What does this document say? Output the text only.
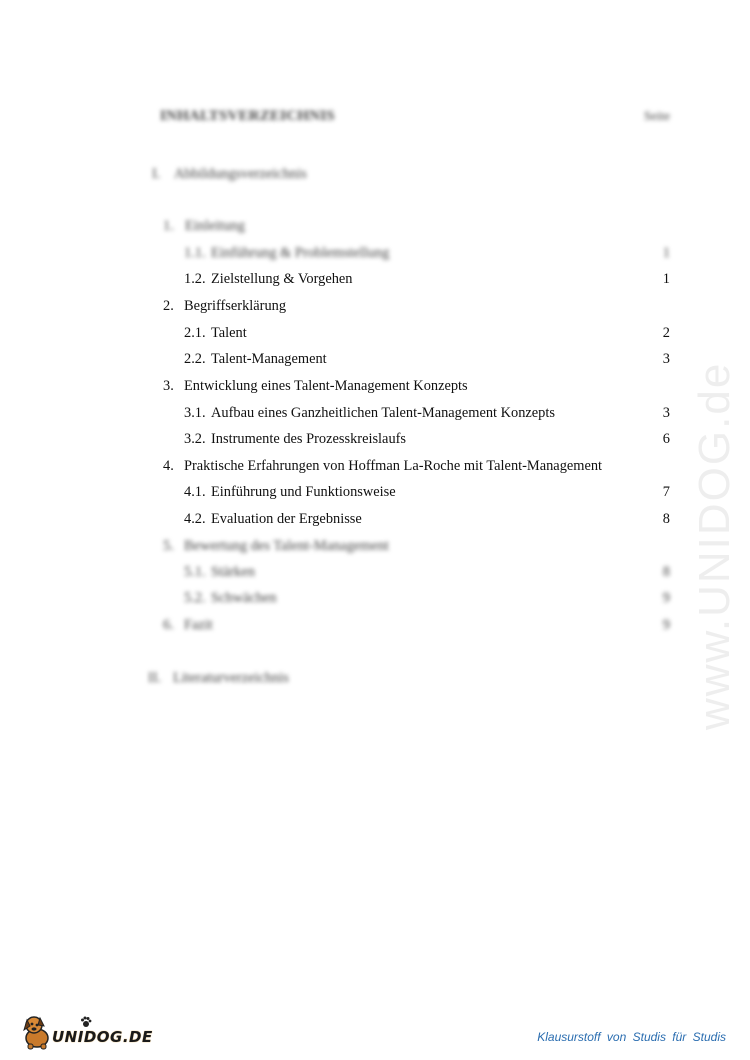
INHALTSVERZEICHNIS	Seite
I. Abbildungsverzeichnis
1. Einleitung
1.1. Einführung & Problemstellung	1
1.2. Zielstellung & Vorgehen	1
2. Begriffserklärung
2.1. Talent	2
2.2. Talent-Management	3
3. Entwicklung eines Talent-Management Konzepts
3.1. Aufbau eines Ganzheitlichen Talent-Management Konzepts	3
3.2. Instrumente des Prozesskreislaufs	6
4. Praktische Erfahrungen von Hoffman La-Roche mit Talent-Management
4.1. Einführung und Funktionsweise	7
4.2. Evaluation der Ergebnisse	8
5. Bewertung des Talent-Management
5.1. Stärken	8
5.2. Schwächen	9
6. Fazit	9
II. Literaturverzeichnis	www.UNIDOG.de
UNIDOG.DE	Klausurstoff von Studis für Studis
